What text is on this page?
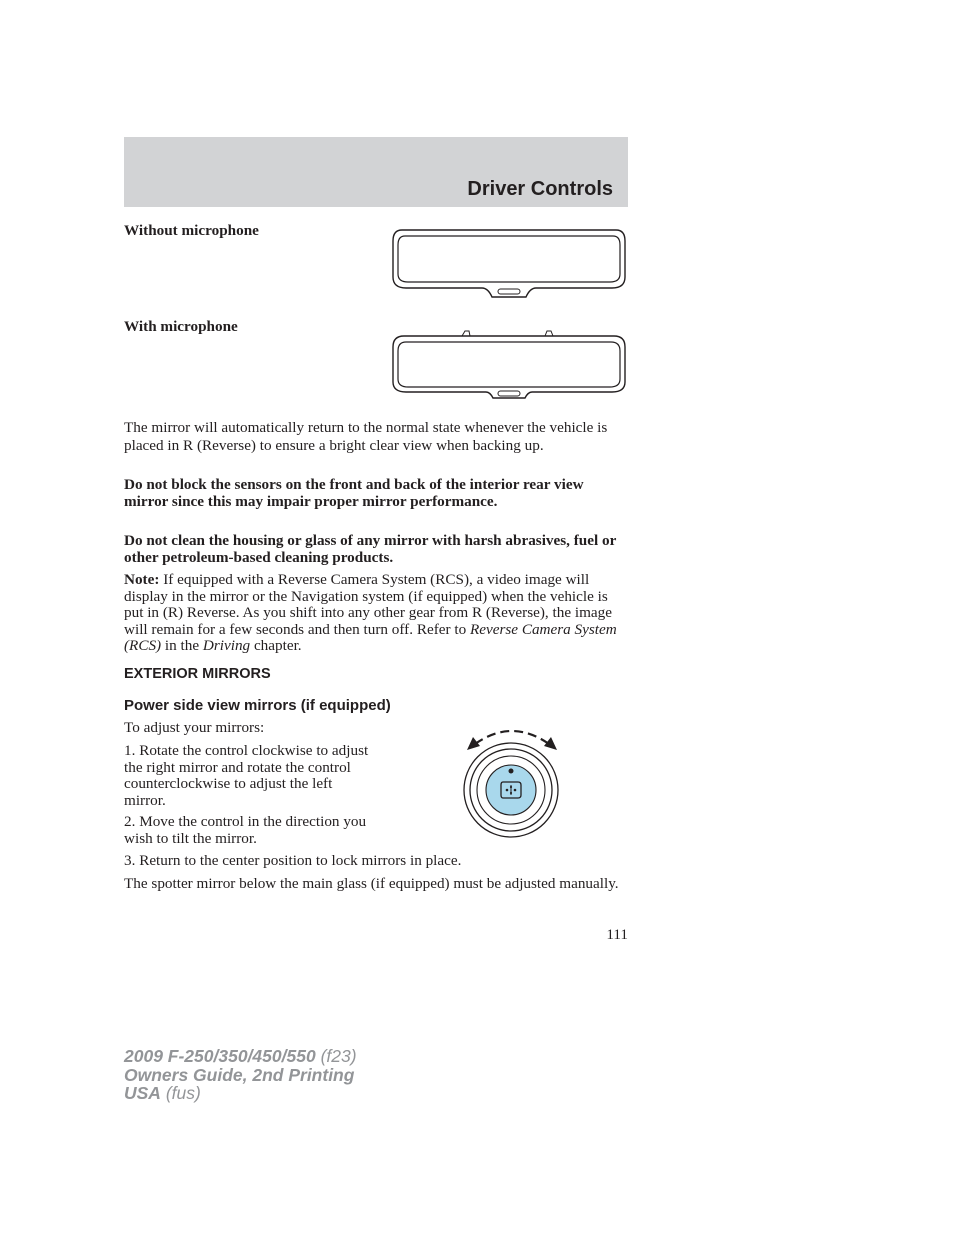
Driver Controls

Without microphone

With microphone

The mirror will automatically return to the normal state whenever the vehicle is placed in R (Reverse) to ensure a bright clear view when backing up.

Do not block the sensors on the front and back of the interior rear view mirror since this may impair proper mirror performance.

Do not clean the housing or glass of any mirror with harsh abrasives, fuel or other petroleum-based cleaning products.

Note: If equipped with a Reverse Camera System (RCS), a video image will display in the mirror or the Navigation system (if equipped) when the vehicle is put in (R) Reverse. As you shift into any other gear from R (Reverse), the image will remain for a few seconds and then turn off. Refer to Reverse Camera System (RCS) in the Driving chapter.

EXTERIOR MIRRORS
Power side view mirrors (if equipped)

To adjust your mirrors:

1. Rotate the control clockwise to adjust the right mirror and rotate the control counterclockwise to adjust the left mirror.

2. Move the control in the direction you wish to tilt the mirror.

3. Return to the center position to lock mirrors in place.

The spotter mirror below the main glass (if equipped) must be adjusted manually.

111

2009 F-250/350/450/550 (f23)
Owners Guide, 2nd Printing
USA (fus)
